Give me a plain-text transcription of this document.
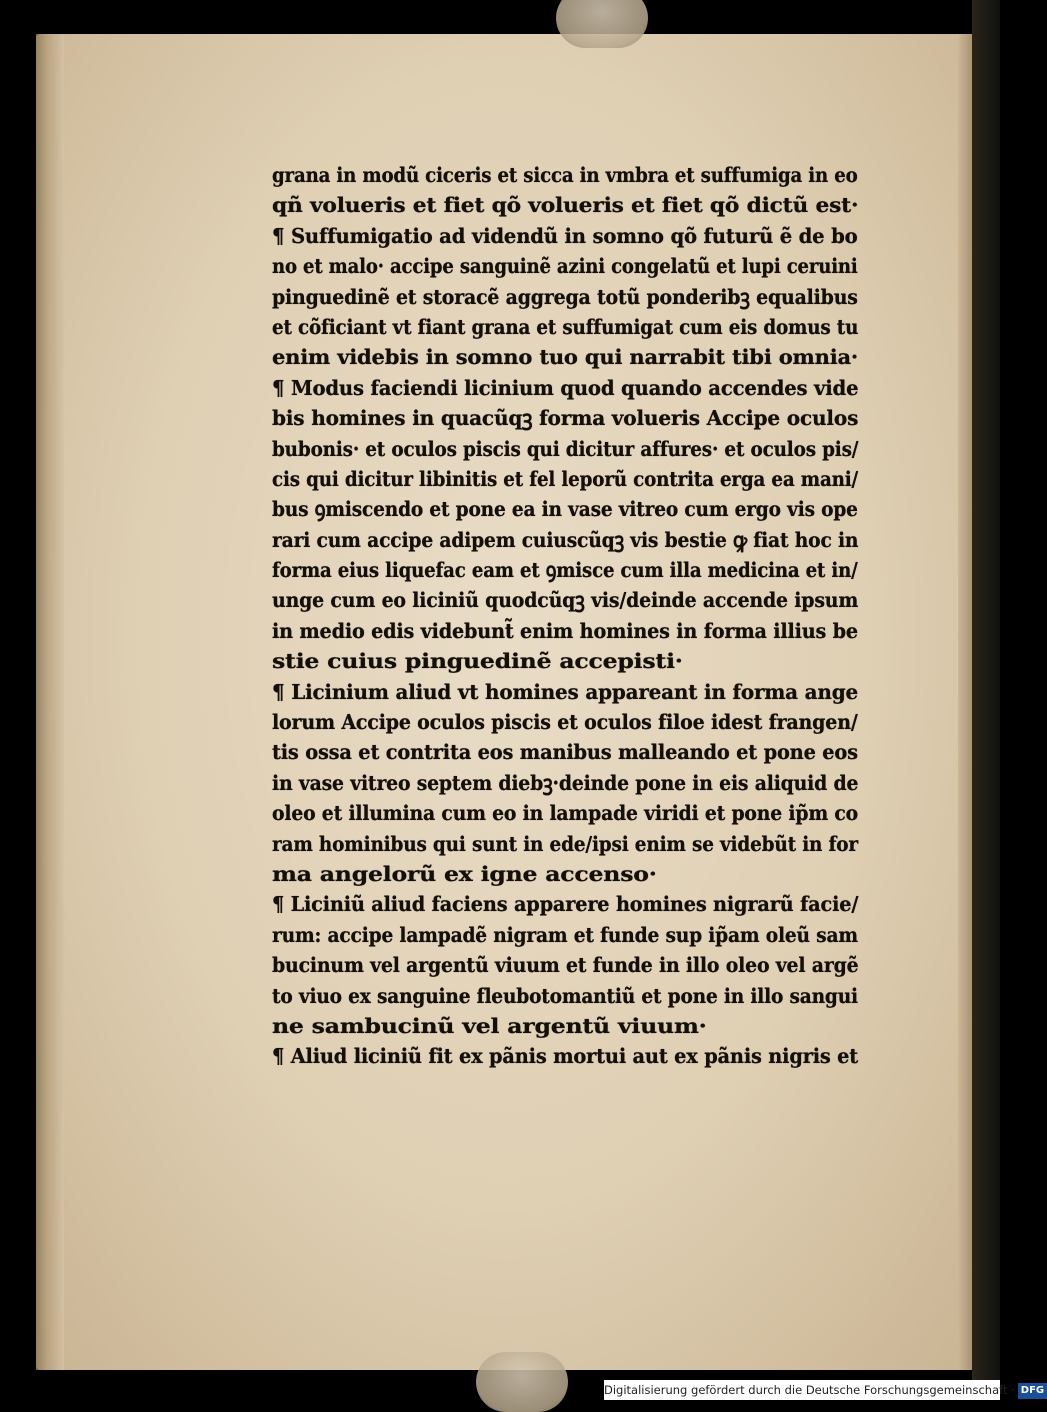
grana in modũ ciceris et sicca in vmbra et suffumiga in eo
qñ volueris et fiet qõ volueris et fiet qõ dictũ est·
¶ Suffumigatio ad videndũ in somno qõ futurũ ẽ de bo
no et malo· accipe sanguinẽ azini congelatũ et lupi ceruini
pinguedinẽ et storacẽ aggrega totũ ponderibꝫ equalibus
et cõficiant vt fiant grana et suffumigat cum eis domus tu
enim videbis in somno tuo qui narrabit tibi omnia·
¶ Modus faciendi licinium quod quando accendes vide
bis homines in quacũqꝫ forma volueris Accipe oculos
bubonis· et oculos piscis qui dicitur affures· et oculos pis/
cis qui dicitur libinitis et fel leporũ contrita erga ea mani/
bus ꝯmiscendo et pone ea in vase vitreo cum ergo vis ope
rari cum accipe adipem cuiuscũqꝫ vis bestie ꝙ fiat hoc in
forma eius liquefac eam et ꝯmisce cum illa medicina et in/
unge cum eo liciniũ quodcũqꝫ vis/deinde accende ipsum
in medio edis videbunt̃ enim homines in forma illius be
stie cuius pinguedinẽ accepisti·
¶ Licinium aliud vt homines appareant in forma ange
lorum Accipe oculos piscis et oculos filoe idest frangen/
tis ossa et contrita eos manibus malleando et pone eos
in vase vitreo septem diebꝫ·deinde pone in eis aliquid de
oleo et illumina cum eo in lampade viridi et pone ip̃m co
ram hominibus qui sunt in ede/ipsi enim se videbũt in for
ma angelorũ ex igne accenso·
¶ Liciniũ aliud faciens apparere homines nigrarũ facie/
rum: accipe lampadẽ nigram et funde sup ip̃am oleũ sam
bucinum vel argentũ viuum et funde in illo oleo vel argẽ
to viuo ex sanguine fleubotomantiũ et pone in illo sangui
ne sambucinũ vel argentũ viuum·
¶ Aliud liciniũ fit ex pãnis mortui aut ex pãnis nigris et
Digitalisierung gefördert durch die Deutsche Forschungsgemeinschaft · DFG
